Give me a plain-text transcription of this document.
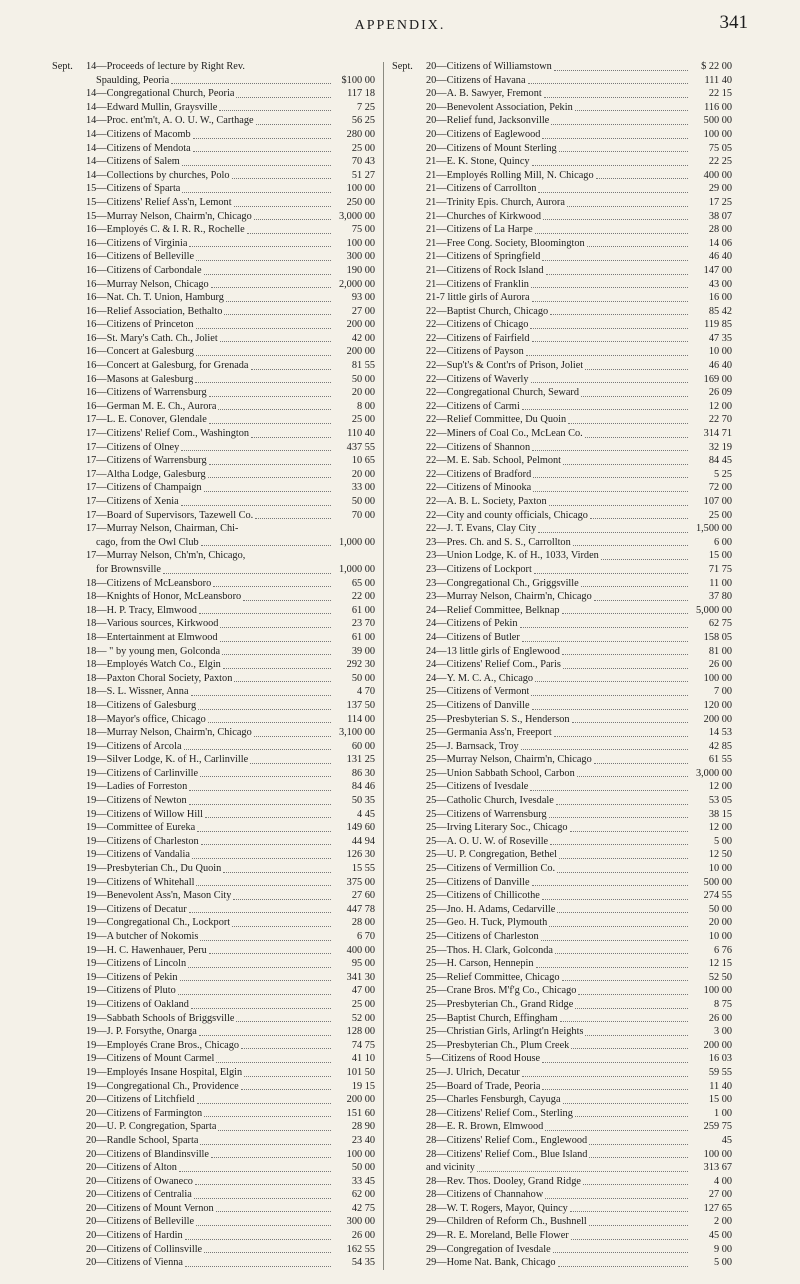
APPENDIX.	341
Sept.	14—Proceeds of lecture by Right Rev.
Spaulding, Peoria	$100 00
14—Congregational Church, Peoria	117 18
14—Edward Mullin, Graysville	7 25
14—Proc. ent'm't, A. O. U. W., Carthage	56 25
14—Citizens of Macomb	280 00
14—Citizens of Mendota	25 00
14—Citizens of Salem	70 43
14—Collections by churches, Polo	51 27
15—Citizens of Sparta	100 00
15—Citizens' Relief Ass'n, Lemont	250 00
15—Murray Nelson, Chairm'n, Chicago	3,000 00
16—Employés C. & I. R. R., Rochelle	75 00
16—Citizens of Virginia	100 00
16—Citizens of Belleville	300 00
16—Citizens of Carbondale	190 00
16—Murray Nelson, Chicago	2,000 00
16—Nat. Ch. T. Union, Hamburg	93 00
16—Relief Association, Bethalto	27 00
16—Citizens of Princeton	200 00
16—St. Mary's Cath. Ch., Joliet	42 00
16—Concert at Galesburg	200 00
16—Concert at Galesburg, for Grenada	81 55
16—Masons at Galesburg	50 00
16—Citizens of Warrensburg	20 00
16—German M. E. Ch., Aurora	8 00
17—L. E. Conover, Glendale	25 00
17—Citizens' Relief Com., Washington	110 40
17—Citizens of Olney	437 55
17—Citizens of Warrensburg	10 65
17—Altha Lodge, Galesburg	20 00
17—Citizens of Champaign	33 00
17—Citizens of Xenia	50 00
17—Board of Supervisors, Tazewell Co.	70 00
17—Murray Nelson, Chairman, Chi-
cago, from the Owl Club	1,000 00
17—Murray Nelson, Ch'm'n, Chicago,
for Brownsville	1,000 00
18—Citizens of McLeansboro	65 00
18—Knights of Honor, McLeansboro	22 00
18—H. P. Tracy, Elmwood	61 00
18—Various sources, Kirkwood	23 70
18—Entertainment at Elmwood	61 00
18— " by young men, Golconda	39 00
18—Employés Watch Co., Elgin	292 30
18—Paxton Choral Society, Paxton	50 00
18—S. L. Wissner, Anna	4 70
18—Citizens of Galesburg	137 50
18—Mayor's office, Chicago	114 00
18—Murray Nelson, Chairm'n, Chicago	3,100 00
19—Citizens of Arcola	60 00
19—Silver Lodge, K. of H., Carlinville	131 25
19—Citizens of Carlinville	86 30
19—Ladies of Forreston	84 46
19—Citizens of Newton	50 35
19—Citizens of Willow Hill	4 45
19—Committee of Eureka	149 60
19—Citizens of Charleston	44 94
19—Citizens of Vandalia	126 30
19—Presbyterian Ch., Du Quoin	15 55
19—Citizens of Whitehall	375 00
19—Benevolent Ass'n, Mason City	27 60
19—Citizens of Decatur	447 78
19—Congregational Ch., Lockport	28 00
19—A butcher of Nokomis	6 70
19—H. C. Hawenhauer, Peru	400 00
19—Citizens of Lincoln	95 00
19—Citizens of Pekin	341 30
19—Citizens of Pluto	47 00
19—Citizens of Oakland	25 00
19—Sabbath Schools of Briggsville	52 00
19—J. P. Forsythe, Onarga	128 00
19—Employés Crane Bros., Chicago	74 75
19—Citizens of Mount Carmel	41 10
19—Employés Insane Hospital, Elgin	101 50
19—Congregational Ch., Providence	19 15
20—Citizens of Litchfield	200 00
20—Citizens of Farmington	151 60
20—U. P. Congregation, Sparta	28 90
20—Randle School, Sparta	23 40
20—Citizens of Blandinsville	100 00
20—Citizens of Alton	50 00
20—Citizens of Owaneco	33 45
20—Citizens of Centralia	62 00
20—Citizens of Mount Vernon	42 75
20—Citizens of Belleville	300 00
20—Citizens of Hardin	26 00
20—Citizens of Collinsville	162 55
20—Citizens of Vienna	54 35
Sept.	20—Citizens of Williamstown	$ 22 00
20—Citizens of Havana	111 40
20—A. B. Sawyer, Fremont	22 15
20—Benevolent Association, Pekin	116 00
20—Relief fund, Jacksonville	500 00
20—Citizens of Eaglewood	100 00
20—Citizens of Mount Sterling	75 05
21—E. K. Stone, Quincy	22 25
21—Employés Rolling Mill, N. Chicago	400 00
21—Citizens of Carrollton	29 00
21—Trinity Epis. Church, Aurora	17 25
21—Churches of Kirkwood	38 07
21—Citizens of La Harpe	28 00
21—Free Cong. Society, Bloomington	14 06
21—Citizens of Springfield	46 40
21—Citizens of Rock Island	147 00
21—Citizens of Franklin	43 00
21-7 little girls of Aurora	16 00
22—Baptist Church, Chicago	85 42
22—Citizens of Chicago	119 85
22—Citizens of Fairfield	47 35
22—Citizens of Payson	10 00
22—Sup't's & Cont'rs of Prison, Joliet	46 40
22—Citizens of Waverly	169 00
22—Congregational Church, Seward	26 09
22—Citizens of Carmi	12 00
22—Relief Committee, Du Quoin	22 70
22—Miners of Coal Co., McLean Co.	314 71
22—Citizens of Shannon	32 19
22—M. E. Sab. School, Pelmont	84 45
22—Citizens of Bradford	5 25
22—Citizens of Minooka	72 00
22—A. B. L. Society, Paxton	107 00
22—City and county officials, Chicago	25 00
22—J. T. Evans, Clay City	1,500 00
23—Pres. Ch. and S. S., Carrollton	6 00
23—Union Lodge, K. of H., 1033, Virden	15 00
23—Citizens of Lockport	71 75
23—Congregational Ch., Griggsville	11 00
23—Murray Nelson, Chairm'n, Chicago	37 80
24—Relief Committee, Belknap	5,000 00
24—Citizens of Pekin	62 75
24—Citizens of Butler	158 05
24—13 little girls of Englewood	81 00
24—Citizens' Relief Com., Paris	26 00
24—Y. M. C. A., Chicago	100 00
25—Citizens of Vermont	7 00
25—Citizens of Danville	120 00
25—Presbyterian S. S., Henderson	200 00
25—Germania Ass'n, Freeport	14 53
25—J. Barnsack, Troy	42 85
25—Murray Nelson, Chairm'n, Chicago	61 55
25—Union Sabbath School, Carbon	3,000 00
25—Citizens of Ivesdale	12 00
25—Catholic Church, Ivesdale	53 05
25—Citizens of Warrensburg	38 15
25—Irving Literary Soc., Chicago	12 00
25—A. O. U. W. of Roseville	5 00
25—U. P. Congregation, Bethel	12 50
25—Citizens of Vermillion Co.	10 00
25—Citizens of Danville	500 00
25—Citizens of Chillicothe	274 55
25—Jno. H. Adams, Cedarville	50 00
25—Geo. H. Tuck, Plymouth	20 00
25—Citizens of Charleston	10 00
25—Thos. H. Clark, Golconda	6 76
25—H. Carson, Hennepin	12 15
25—Relief Committee, Chicago	52 50
25—Crane Bros. M'f'g Co., Chicago	100 00
25—Presbyterian Ch., Grand Ridge	8 75
25—Baptist Church, Effingham	26 00
25—Christian Girls, Arlingt'n Heights	3 00
25—Presbyterian Ch., Plum Creek	200 00
5—Citizens of Rood House	16 03
25—J. Ulrich, Decatur	59 55
25—Board of Trade, Peoria	11 40
25—Charles Fensburgh, Cayuga	15 00
28—Citizens' Relief Com., Sterling	1 00
28—E. R. Brown, Elmwood	259 75
28—Citizens' Relief Com., Englewood	45
28—Citizens' Relief Com., Blue Island	100 00
and vicinity	313 67
28—Rev. Thos. Dooley, Grand Ridge	4 00
28—Citizens of Channahow	27 00
28—W. T. Rogers, Mayor, Quincy	127 65
29—Children of Reform Ch., Bushnell	2 00
29—R. E. Moreland, Belle Flower	45 00
29—Congregation of Ivesdale	9 00
29—Home Nat. Bank, Chicago	5 00
